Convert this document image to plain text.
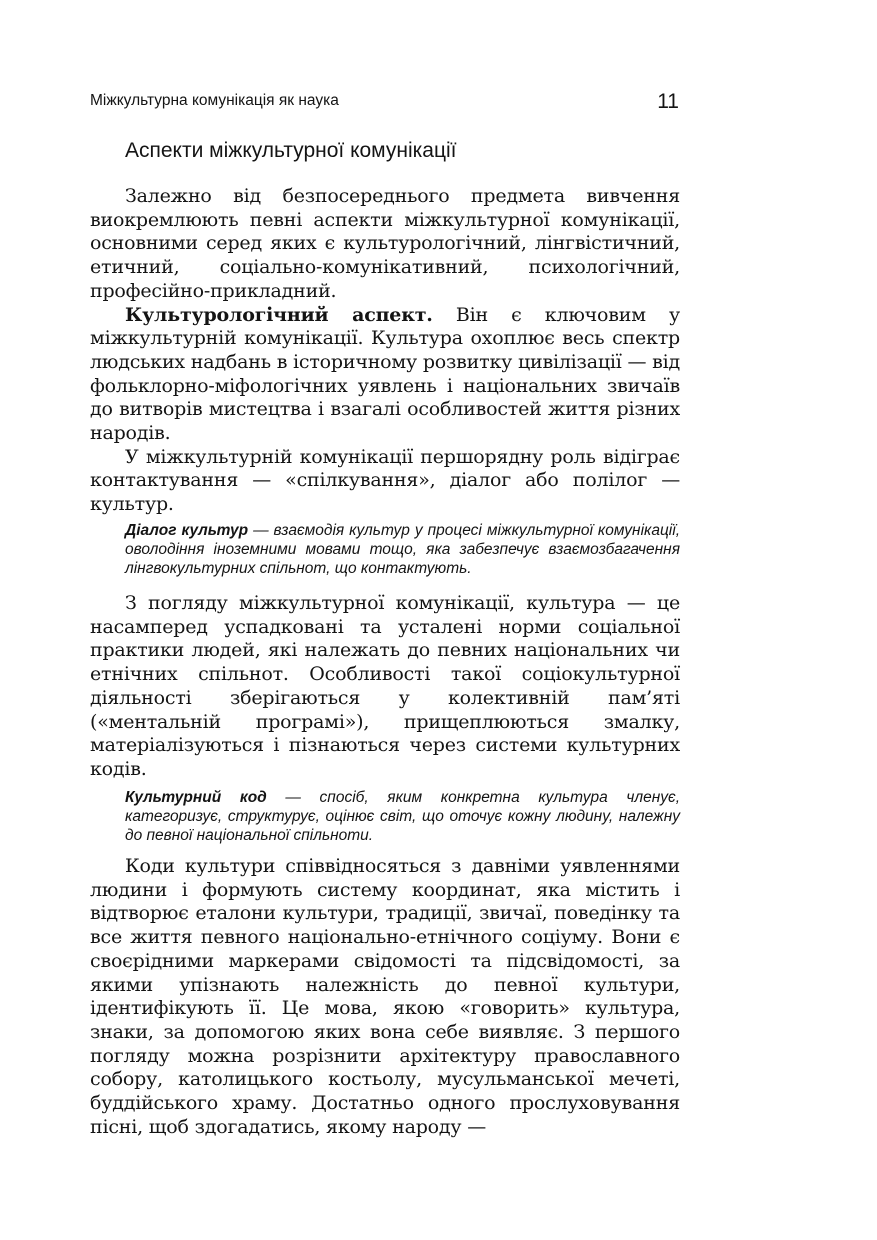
Міжкультурна комунікація як наука	11
Аспекти міжкультурної комунікації

Залежно від безпосереднього предмета вивчення виокремлюють певні аспекти міжкультурної комунікації, основними серед яких є культурологічний, лінгвістичний, етичний, соціально-комунікативний, психологічний, професійно-прикладний.

Культурологічний аспект. Він є ключовим у міжкультурній комунікації. Культура охоплює весь спектр людських надбань в історичному розвитку цивілізації — від фольклорно-міфологічних уявлень і національних звичаїв до витворів мистецтва і взагалі особливостей життя різних народів.

У міжкультурній комунікації першорядну роль відіграє контактування — «спілкування», діалог або полілог — культур.

Діалог культур — взаємодія культур у процесі міжкультурної комунікації, оволодіння іноземними мовами тощо, яка забезпечує взаємозбагачення лінгвокультурних спільнот, що контактують.

З погляду міжкультурної комунікації, культура — це насамперед успадковані та усталені норми соціальної практики людей, які належать до певних національних чи етнічних спільнот. Особливості такої соціокультурної діяльності зберігаються у колективній пам’яті («ментальній програмі»), прищеплюються змалку, матеріалізуються і пізнаються через системи культурних кодів.

Культурний код — спосіб, яким конкретна культура членує, категоризує, структурує, оцінює світ, що оточує кожну людину, належну до певної національної спільноти.

Коди культури співвідносяться з давніми уявленнями людини і формують систему координат, яка містить і відтворює еталони культури, традиції, звичаї, поведінку та все життя певного національно-етнічного соціуму. Вони є своєрідними маркерами свідомості та підсвідомості, за якими упізнають належність до певної культури, ідентифікують її. Це мова, якою «говорить» культура, знаки, за допомогою яких вона себе виявляє. З першого погляду можна розрізнити архітектуру православного собору, католицького костьолу, мусульманської мечеті, буддійського храму. Достатньо одного прослуховування пісні, щоб здогадатись, якому народу —
